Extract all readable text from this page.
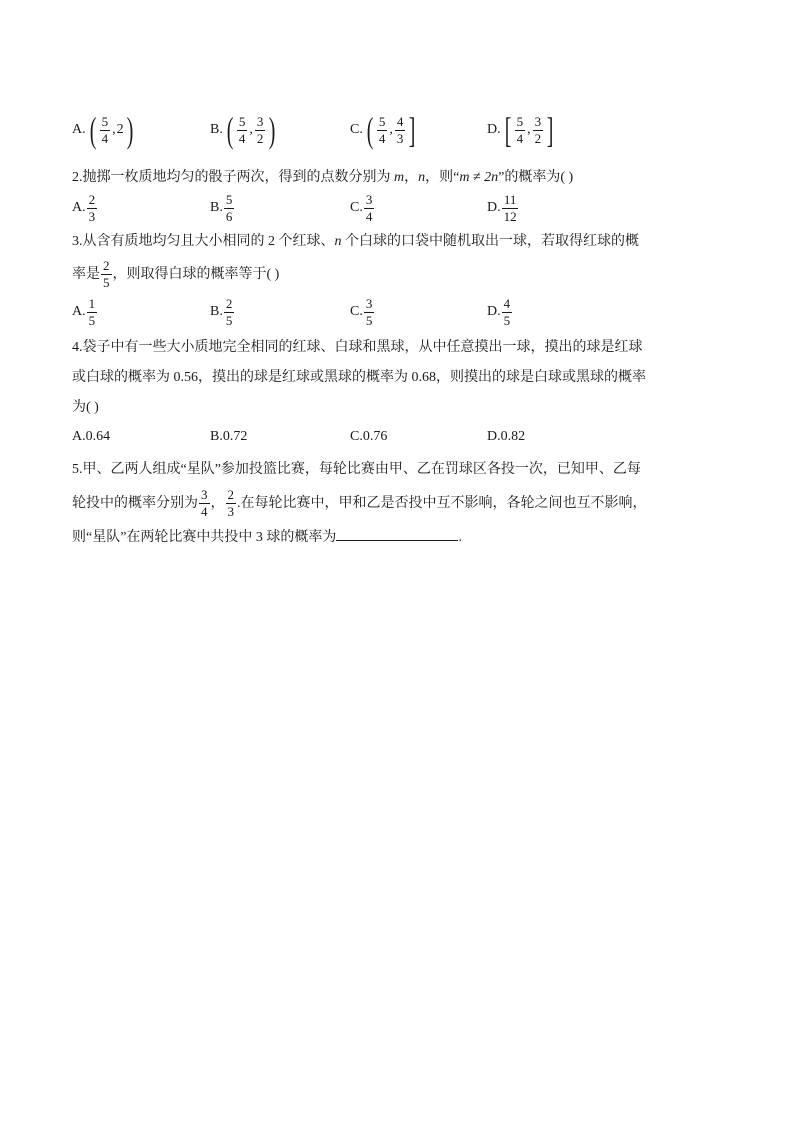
A. ( $\frac{5}{4}$ , 2 )	B. ( $\frac{5}{4}$ , $\frac{3}{2}$ )	C. ( $\frac{5}{4}$ , $\frac{4}{3}$ ]	D. [ $\frac{5}{4}$ , $\frac{3}{2}$ ]
2.抛掷一枚质地均匀的骰子两次，得到的点数分别为 m，n，则“m ≠ 2n”的概率为( )
A. $\frac{2}{3}$	B. $\frac{5}{6}$	C. $\frac{3}{4}$	D. $\frac{11}{12}$
3.从含有质地均匀且大小相同的 2 个红球、n 个白球的口袋中随机取出一球，若取得红球的概
率是 $\frac{2}{5}$ ，则取得白球的概率等于( )
A. $\frac{1}{5}$	B. $\frac{2}{5}$	C. $\frac{3}{5}$	D. $\frac{4}{5}$
4.袋子中有一些大小质地完全相同的红球、白球和黑球，从中任意摸出一球，摸出的球是红球
或白球的概率为 0.56，摸出的球是红球或黑球的概率为 0.68，则摸出的球是白球或黑球的概率
为( )
A.0.64	B.0.72	C.0.76	D.0.82
5.甲、乙两人组成“星队”参加投篮比赛，每轮比赛由甲、乙在罚球区各投一次，已知甲、乙每
轮投中的概率分别为 $\frac{3}{4}$ ， $\frac{2}{3}$ .在每轮比赛中，甲和乙是否投中互不影响，各轮之间也互不影响，
则“星队”在两轮比赛中共投中 3 球的概率为	.
